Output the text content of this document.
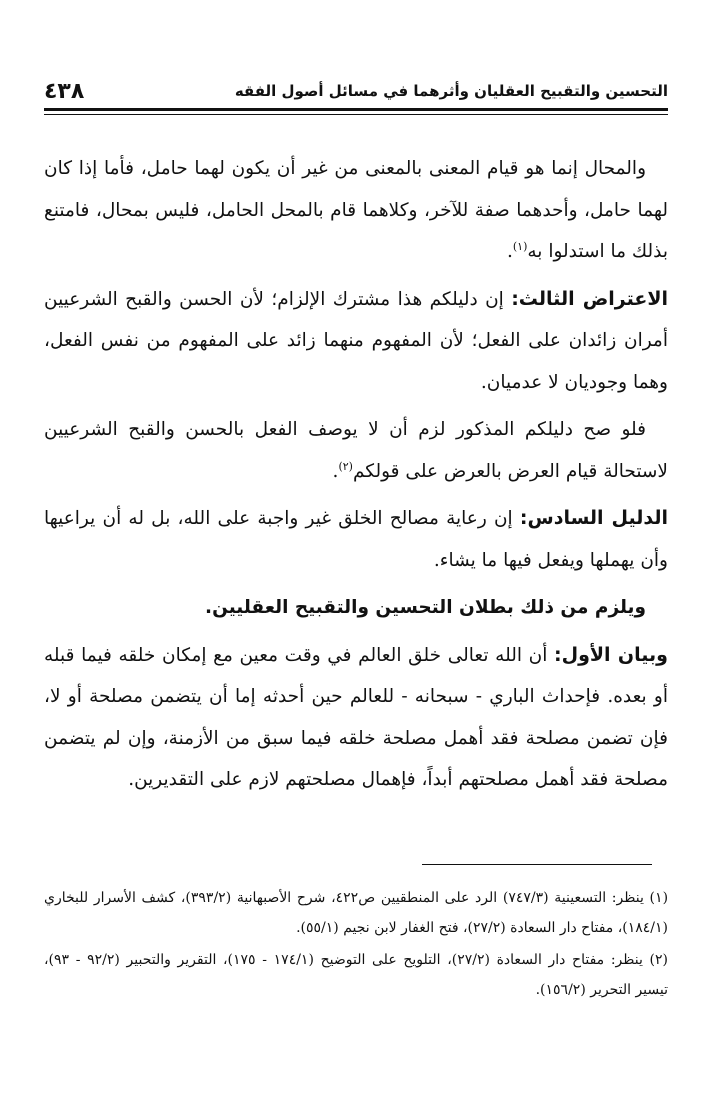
التحسين والتقبيح العقليان وأثرهما في مسائل أصول الفقه
٤٣٨

والمحال إنما هو قيام المعنى بالمعنى من غير أن يكون لهما حامل، فأما إذا كان لهما حامل، وأحدهما صفة للآخر، وكلاهما قام بالمحل الحامل، فليس بمحال، فامتنع بذلك ما استدلوا به$^{(١)}$.

الاعتراض الثالث: إن دليلكم هذا مشترك الإلزام؛ لأن الحسن والقبح الشرعيين أمران زائدان على الفعل؛ لأن المفهوم منهما زائد على المفهوم من نفس الفعل، وهما وجوديان لا عدميان.

فلو صح دليلكم المذكور لزم أن لا يوصف الفعل بالحسن والقبح الشرعيين لاستحالة قيام العرض بالعرض على قولكم$^{(٢)}$.

الدليل السادس: إن رعاية مصالح الخلق غير واجبة على الله، بل له أن يراعيها وأن يهملها ويفعل فيها ما يشاء.

ويلزم من ذلك بطلان التحسين والتقبيح العقليين.

وبيان الأول: أن الله تعالى خلق العالم في وقت معين مع إمكان خلقه فيما قبله أو بعده. فإحداث الباري - سبحانه - للعالم حين أحدثه إما أن يتضمن مصلحة أو لا، فإن تضمن مصلحة فقد أهمل مصلحة خلقه فيما سبق من الأزمنة، وإن لم يتضمن مصلحة فقد أهمل مصلحتهم أبداً، فإهمال مصلحتهم لازم على التقديرين.

(١) ينظر: التسعينية (٧٤٧/٣) الرد على المنطقيين ص٤٢٢، شرح الأصبهانية (٣٩٣/٢)، كشف الأسرار للبخاري (١٨٤/١)، مفتاح دار السعادة (٢٧/٢)، فتح الغفار لابن نجيم (٥٥/١).

(٢) ينظر: مفتاح دار السعادة (٢٧/٢)، التلويح على التوضيح (١٧٤/١ - ١٧٥)، التقرير والتحبير (٩٢/٢ - ٩٣)، تيسير التحرير (١٥٦/٢).
